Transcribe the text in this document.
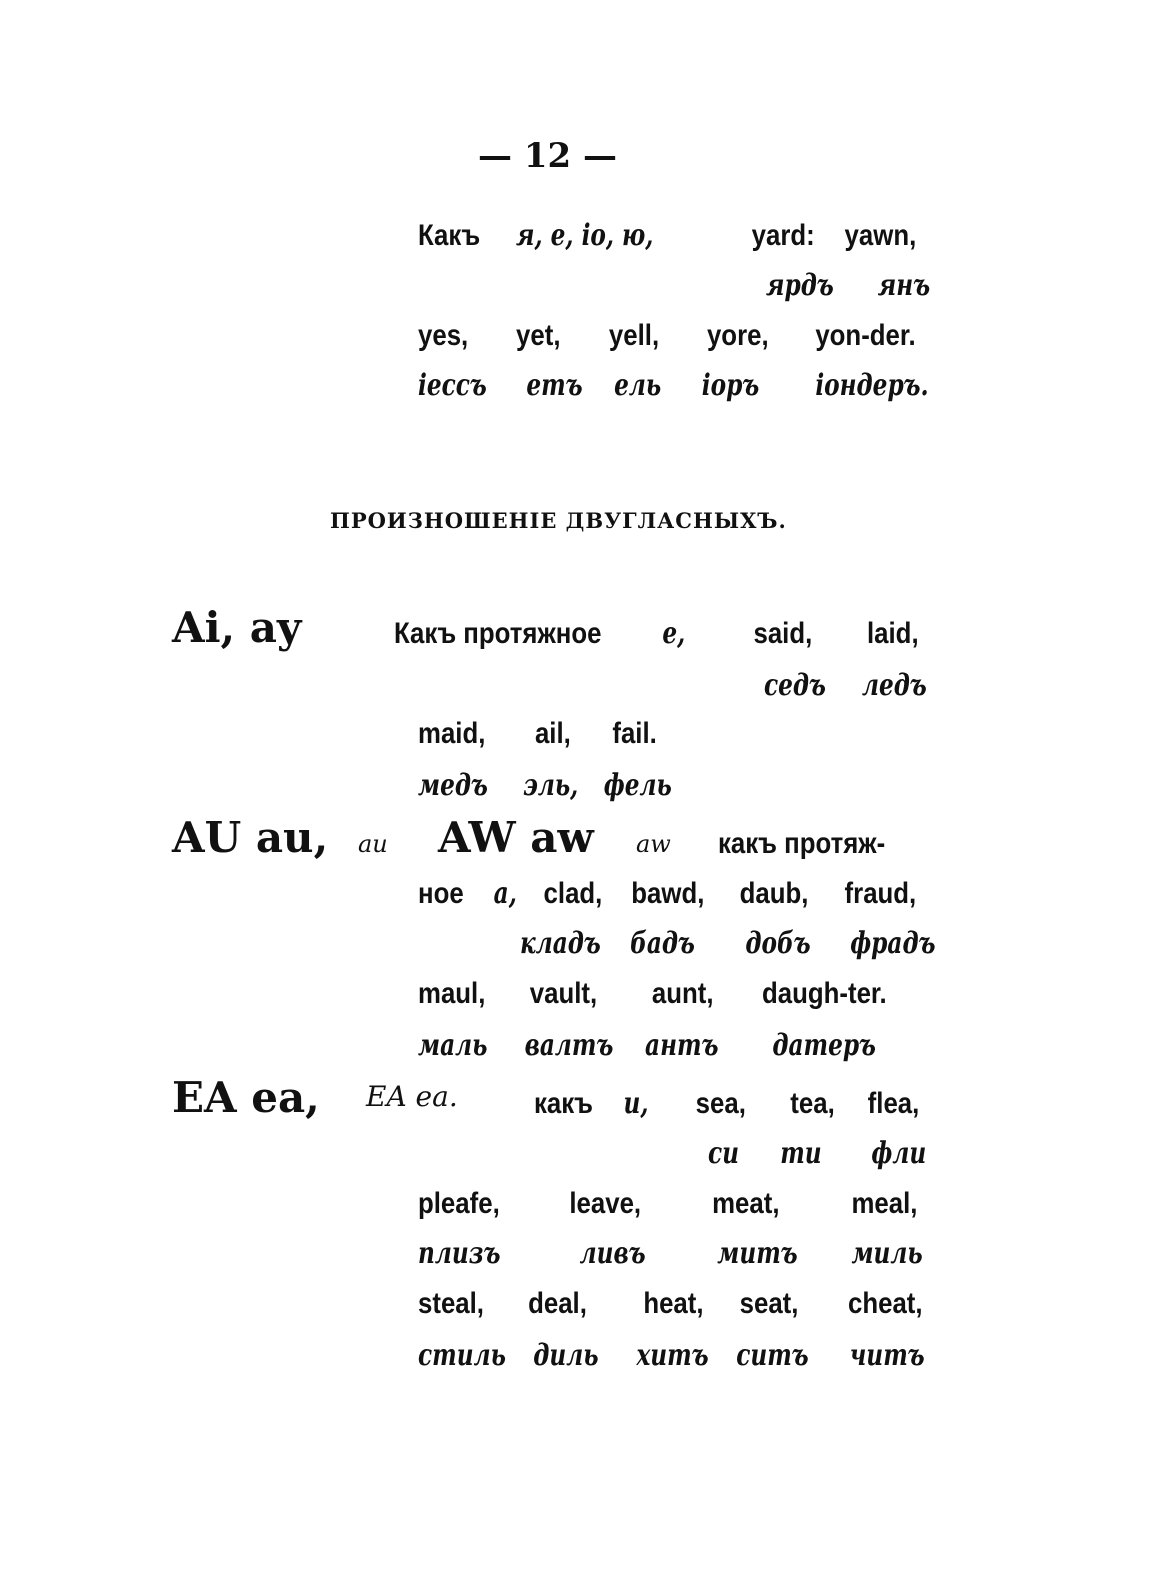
— 12 —
Какъ я, е, іо, ю,	yard: yawn,
ярдъ янъ
yes, yet, yell, yore, yon-der.
іессъ етъ ель іоръ іондеръ.
ПРОИЗНОШЕНІЕ ДВУГЛАСНЫХЪ.
Ai, ay	Какъ протяжное е, said, laid,
седъ ледъ
maid, ail, fail.
медъ эль, фель
AU au, au AW aw aw какъ протяж-
ное а, clad, bawd, daub, fraud,
кладъ бадъ добъ фрадъ
maul, vault, aunt, daugh-ter.
маль валтъ антъ датеръ
EA ea, EA ea.	какъ и, sea, tea, flea,
си ти фли
pleafe, leave, meat, meal,
плизъ	ливъ митъ миль
steal, deal, heat, seat, cheat,
стиль диль хитъ ситъ читъ
